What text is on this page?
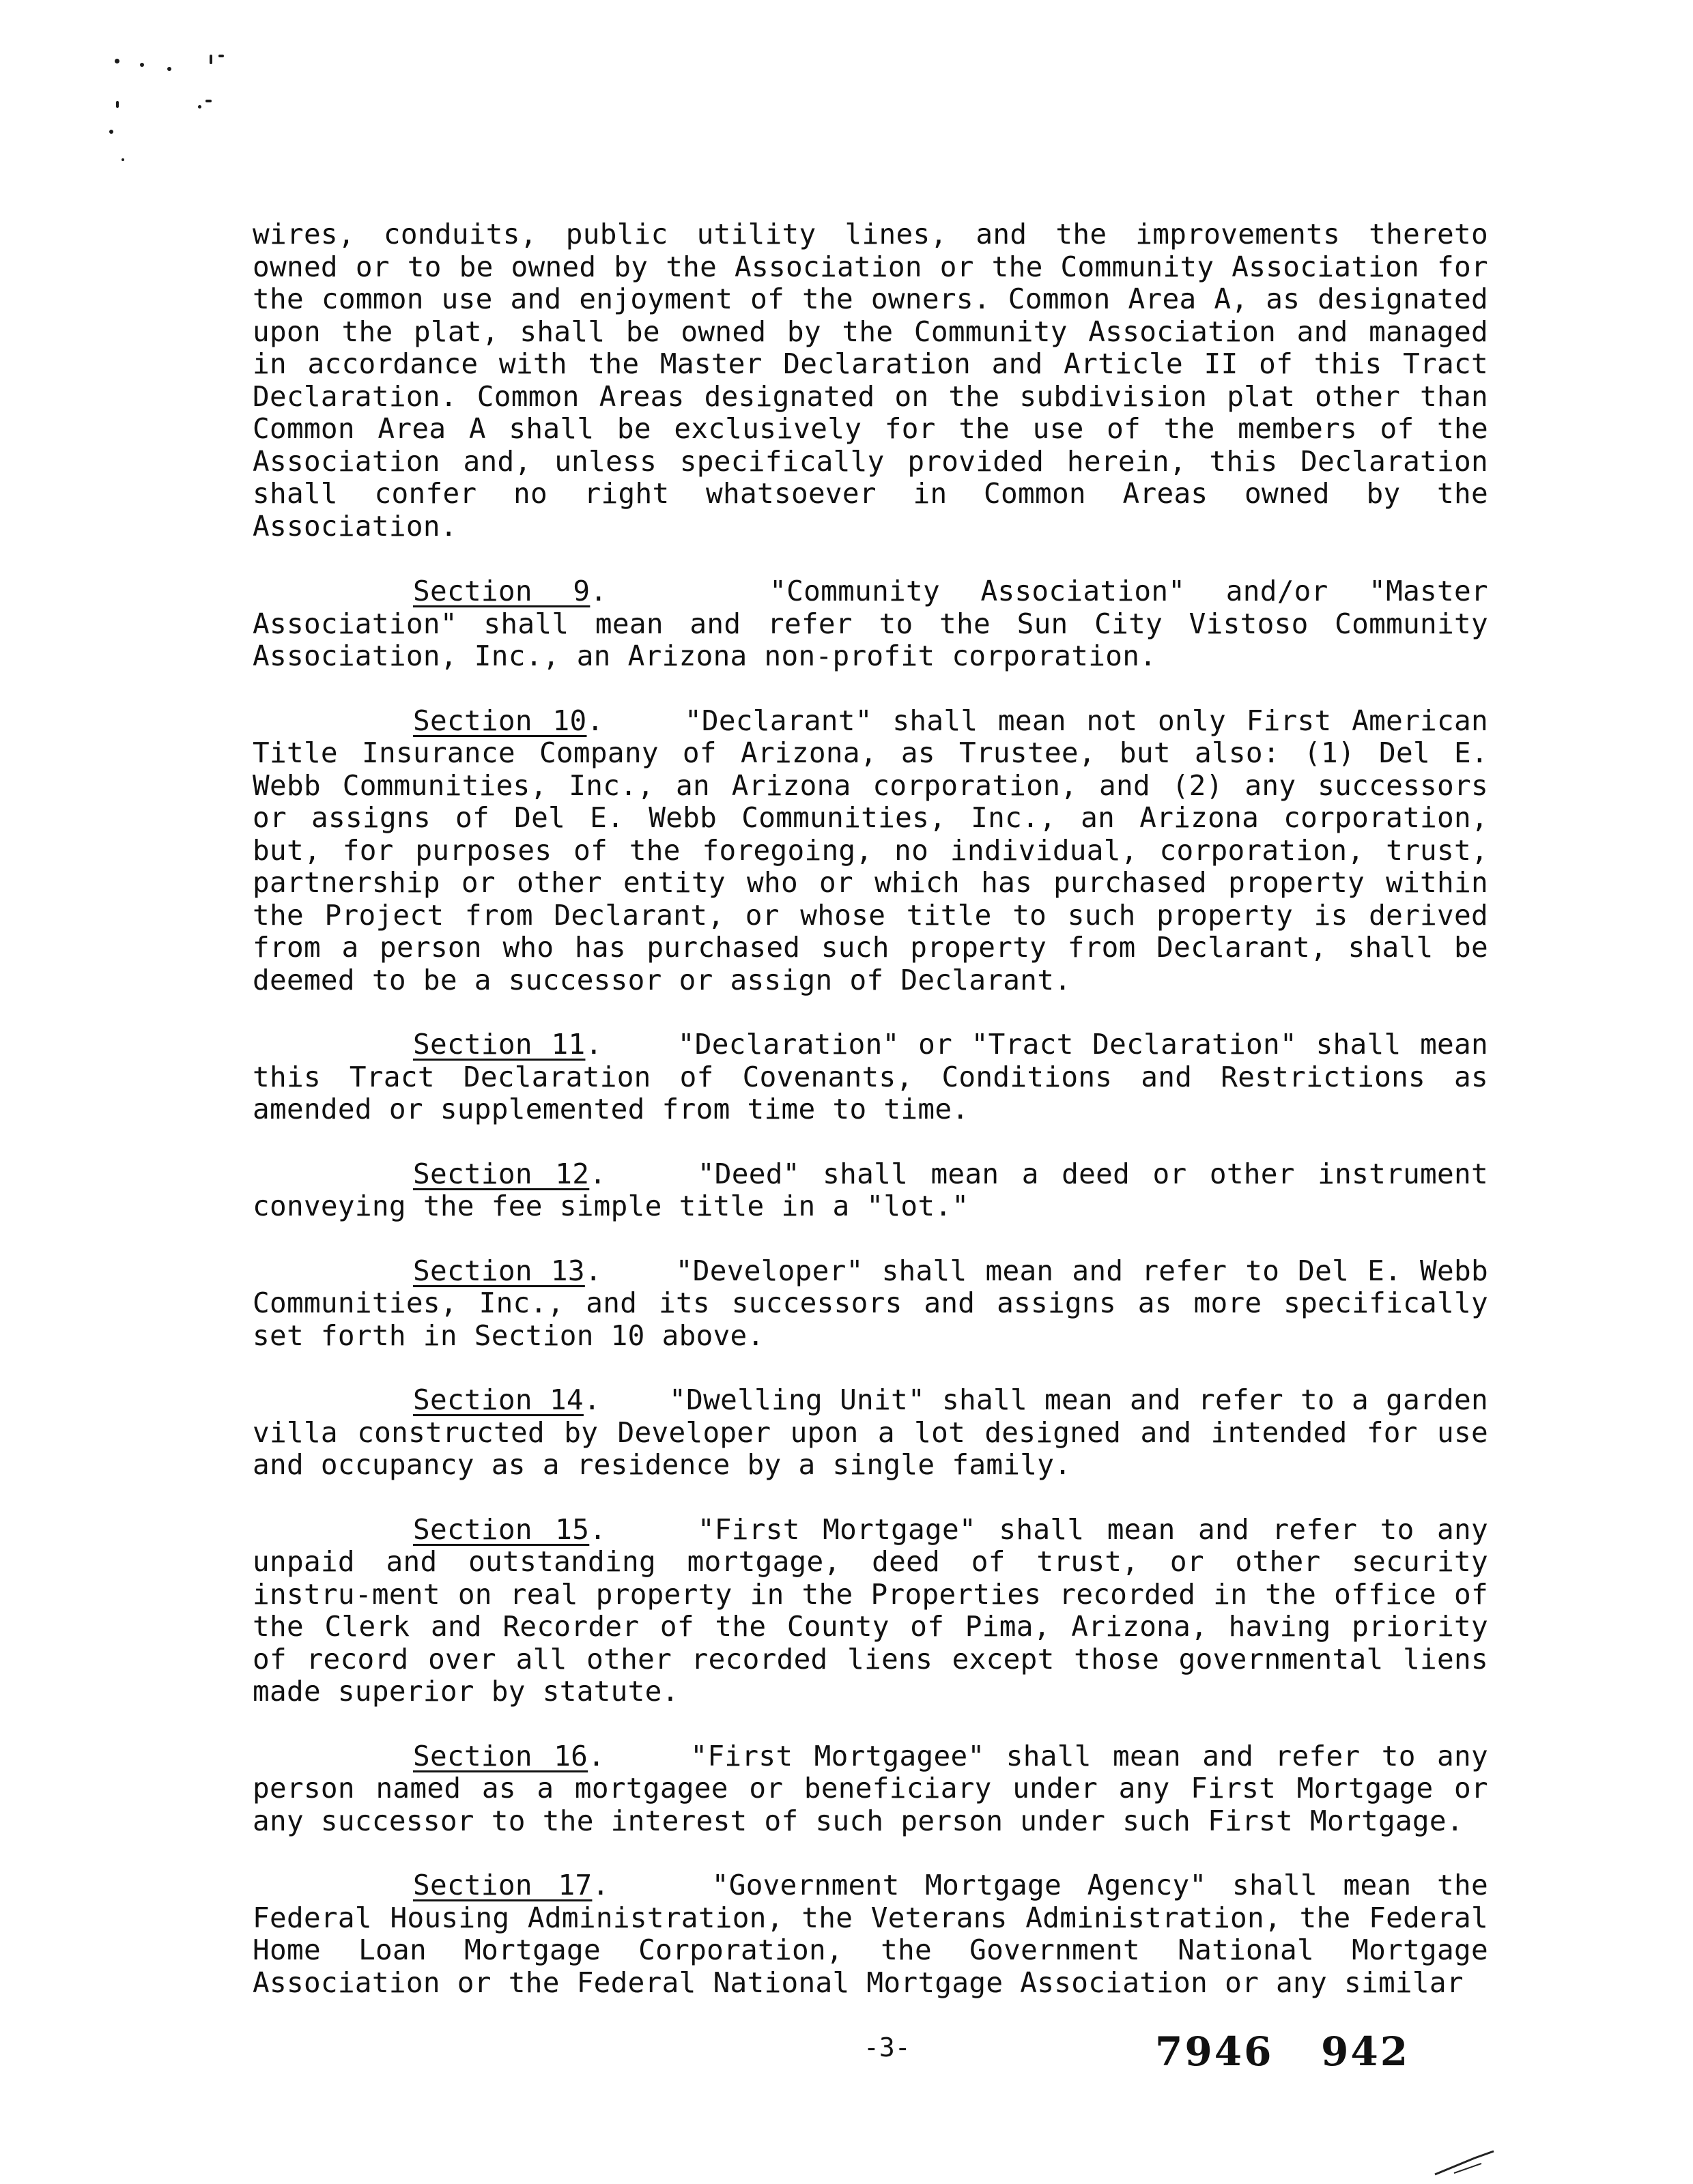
wires, conduits, public utility lines, and the improvements thereto owned or to be owned by the Association or the Community Association for the common use and enjoyment of the owners. Common Area A, as designated upon the plat, shall be owned by the Community Association and managed in accordance with the Master Declaration and Article II of this Tract Declaration. Common Areas designated on the subdivision plat other than Common Area A shall be exclusively for the use of the members of the Association and, unless specifically provided herein, this Declaration shall confer no right whatsoever in Common Areas owned by the Association.

Section 9.    "Community Association" and/or "Master Association" shall mean and refer to the Sun City Vistoso Community Association, Inc., an Arizona non-profit corporation.

Section 10.    "Declarant" shall mean not only First American Title Insurance Company of Arizona, as Trustee, but also: (1) Del E. Webb Communities, Inc., an Arizona corporation, and (2) any successors or assigns of Del E. Webb Communities, Inc., an Arizona corporation, but, for purposes of the foregoing, no individual, corporation, trust, partnership or other entity who or which has purchased property within the Project from Declarant, or whose title to such property is derived from a person who has purchased such property from Declarant, shall be deemed to be a successor or assign of Declarant.

Section 11.    "Declaration" or "Tract Declaration" shall mean this Tract Declaration of Covenants, Conditions and Restrictions as amended or supplemented from time to time.

Section 12.    "Deed" shall mean a deed or other instrument conveying the fee simple title in a "lot."

Section 13.    "Developer" shall mean and refer to Del E. Webb Communities, Inc., and its successors and assigns as more specifically set forth in Section 10 above.

Section 14.    "Dwelling Unit" shall mean and refer to a garden villa constructed by Developer upon a lot designed and intended for use and occupancy as a residence by a single family.

Section 15.    "First Mortgage" shall mean and refer to any unpaid and outstanding mortgage, deed of trust, or other security instru-ment on real property in the Properties recorded in the office of the Clerk and Recorder of the County of Pima, Arizona, having priority of record over all other recorded liens except those governmental liens made superior by statute.

Section 16.    "First Mortgagee" shall mean and refer to any person named as a mortgagee or beneficiary under any First Mortgage or any successor to the interest of such person under such First Mortgage.

Section 17.    "Government Mortgage Agency" shall mean the Federal Housing Administration, the Veterans Administration, the Federal Home Loan Mortgage Corporation, the Government National Mortgage Association or the Federal National Mortgage Association or any similar

-3-	7946   942
